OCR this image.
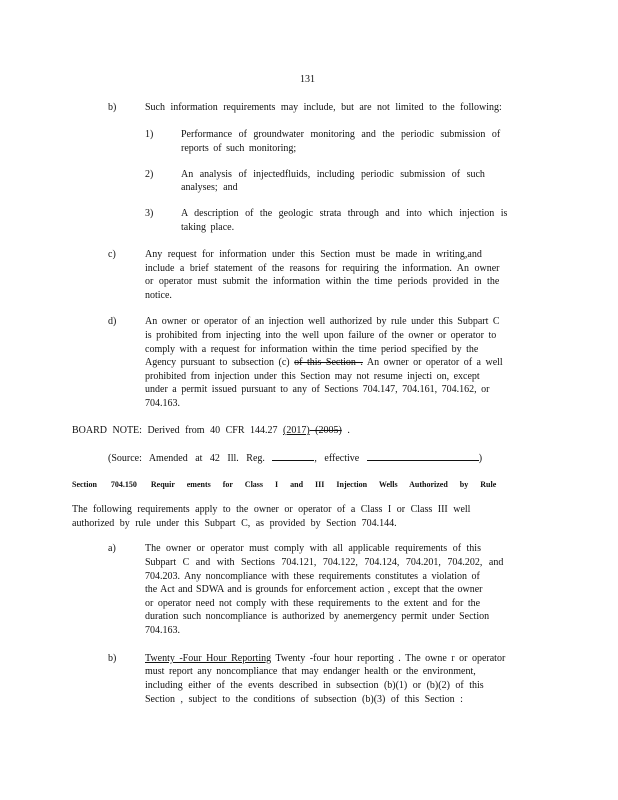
131
b)	Such information requirements may include, but are not limited to the following:
1)	Performance of groundwater monitoring and the periodic submission of
reports of such monitoring;
2)	An analysis of injectedfluids, including periodic submission of such
analyses; and
3)	A description of the geologic strata through and into which injection is
taking place.
c)	Any request for information under this Section must be made in writing,and
include a brief statement of the reasons for requiring the information. An owner
or operator must submit the information within the time periods provided in the
notice.
d)	An owner or operator of an injection well authorized by rule under this Subpart C
is prohibited from injecting into the well upon failure of the owner or operator to
comply with a request for information within the time period specified by the
Agency pursuant to subsection (c) of this Section . An owner or operator of a well
prohibited from injection under this Section may not resume injecti on, except
under a permit issued pursuant to any of Sections 704.147, 704.161, 704.162, or
704.163.
BOARD NOTE: Derived from 40 CFR 144.27 (2017) (2005) .
(Source: Amended at 42 Ill. Reg.	, effective	)
Section 704.150 Requir ements for Class I and III Injection Wells Authorized by Rule
The following requirements apply to the owner or operator of a Class I or Class III well
authorized by rule under this Subpart C, as provided by Section 704.144.
a)	The owner or operator must comply with all applicable requirements of this
Subpart C and with Sections 704.121, 704.122, 704.124, 704.201, 704.202, and
704.203. Any noncompliance with these requirements constitutes a violation of
the Act and SDWA and is grounds for enforcement action , except that the owner
or operator need not comply with these requirements to the extent and for the
duration such noncompliance is authorized by anemergency permit under Section
704.163.
b)	Twenty -Four Hour Reporting Twenty -four hour reporting . The owne r or operator
must report any noncompliance that may endanger health or the environment,
including either of the events described in subsection (b)(1) or (b)(2) of this
Section , subject to the conditions of subsection (b)(3) of this Section :
